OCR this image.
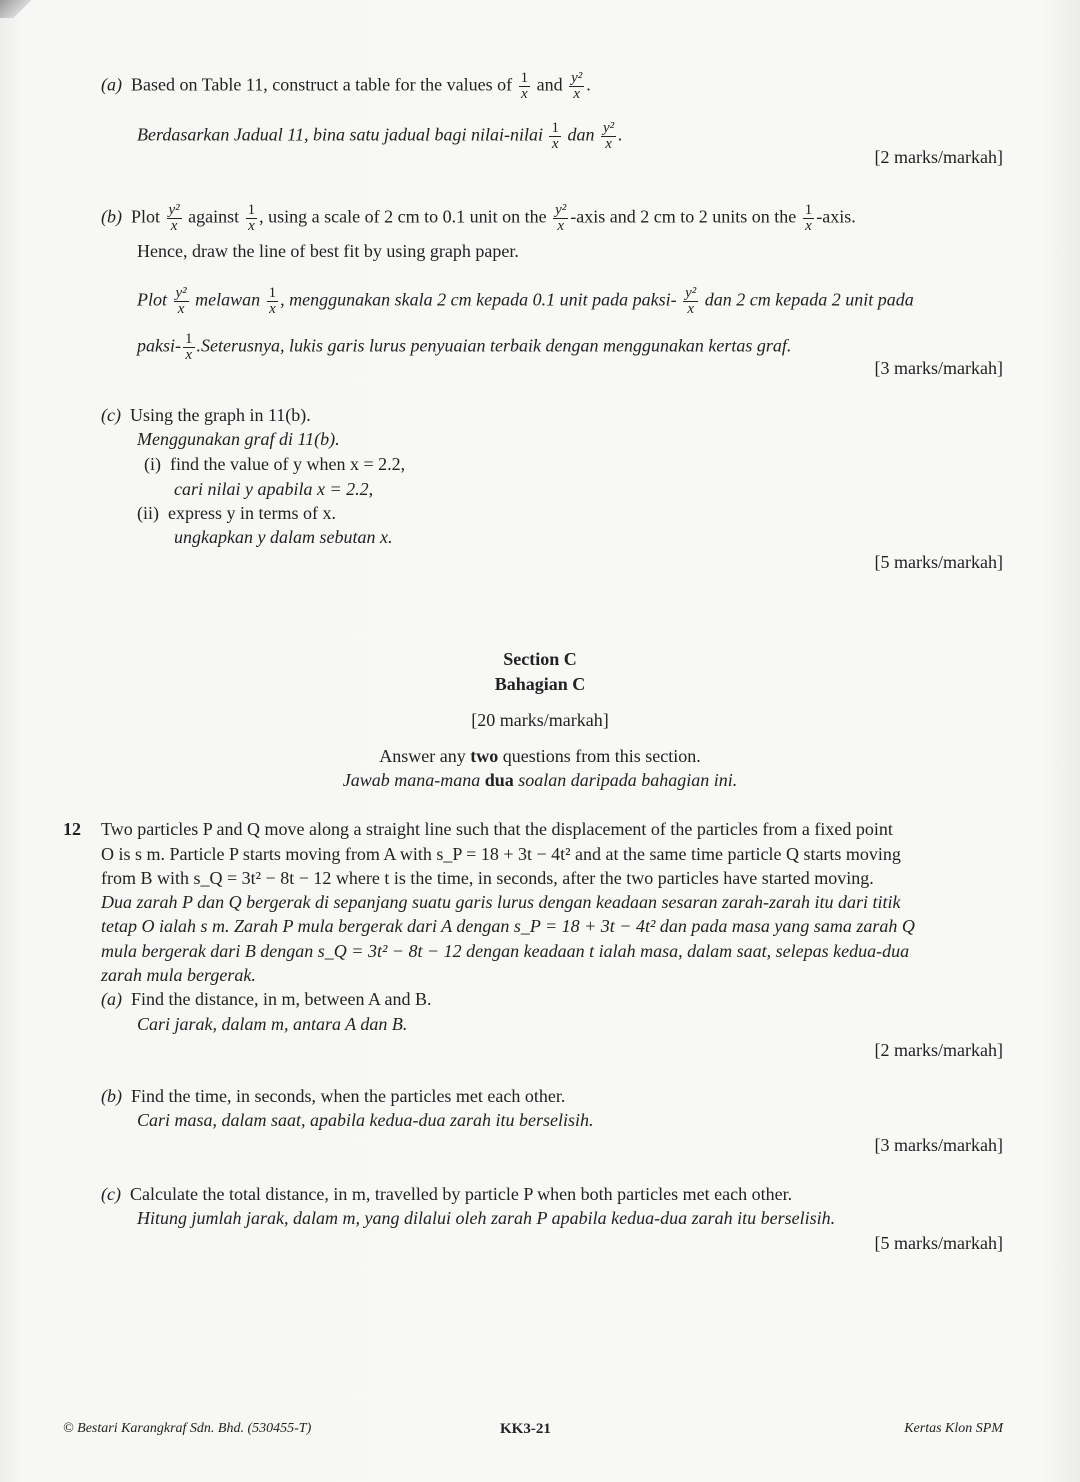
(a) Based on Table 11, construct a table for the values of $\frac{1}{x}$ and $\frac{\text{y²}}{x}$ .
Berdasarkan Jadual 11, bina satu jadual bagi nilai-nilai $\frac{1}{x}$ dan $\frac{\text{y²}}{x}$ .
[2 marks/markah]
(b) Plot $\frac{\text{y²}}{x}$ against $\frac{1}{x}$ , using a scale of 2 cm to 0.1 unit on the $\frac{\text{y²}}{x}$ -axis and 2 cm to 2 units on the $\frac{1}{x}$ -axis.
Hence, draw the line of best fit by using graph paper.
Plot $\frac{\text{y²}}{x}$ melawan $\frac{1}{x}$ , menggunakan skala 2 cm kepada 0.1 unit pada paksi- $\frac{\text{y²}}{x}$ dan 2 cm kepada 2 unit pada
paksi- $\frac{1}{x}$ .Seterusnya, lukis garis lurus penyuaian terbaik dengan menggunakan kertas graf.
[3 marks/markah]
(c) Using the graph in 11(b).
Menggunakan graf di 11(b).
(i) find the value of y when x = 2.2,
cari nilai y apabila x = 2.2,
(ii) express y in terms of x.
ungkapkan y dalam sebutan x.
[5 marks/markah]
Section C
Bahagian C
[20 marks/markah]
Answer any two questions from this section.
Jawab mana-mana dua soalan daripada bahagian ini.
12 Two particles P and Q move along a straight line such that the displacement of the particles from a fixed point
O is s m. Particle P starts moving from A with s_P = 18 + 3t − 4t² and at the same time particle Q starts moving
from B with s_Q = 3t² − 8t − 12 where t is the time, in seconds, after the two particles have started moving.
Dua zarah P dan Q bergerak di sepanjang suatu garis lurus dengan keadaan sesaran zarah-zarah itu dari titik
tetap O ialah s m. Zarah P mula bergerak dari A dengan s_P = 18 + 3t − 4t² dan pada masa yang sama zarah Q
mula bergerak dari B dengan s_Q = 3t² − 8t − 12 dengan keadaan t ialah masa, dalam saat, selepas kedua-dua
zarah mula bergerak.
(a) Find the distance, in m, between A and B.
Cari jarak, dalam m, antara A dan B.
[2 marks/markah]
(b) Find the time, in seconds, when the particles met each other.
Cari masa, dalam saat, apabila kedua-dua zarah itu berselisih.
[3 marks/markah]
(c) Calculate the total distance, in m, travelled by particle P when both particles met each other.
Hitung jumlah jarak, dalam m, yang dilalui oleh zarah P apabila kedua-dua zarah itu berselisih.
[5 marks/markah]
© Bestari Karangkraf Sdn. Bhd. (530455-T)	KK3-21	Kertas Klon SPM
